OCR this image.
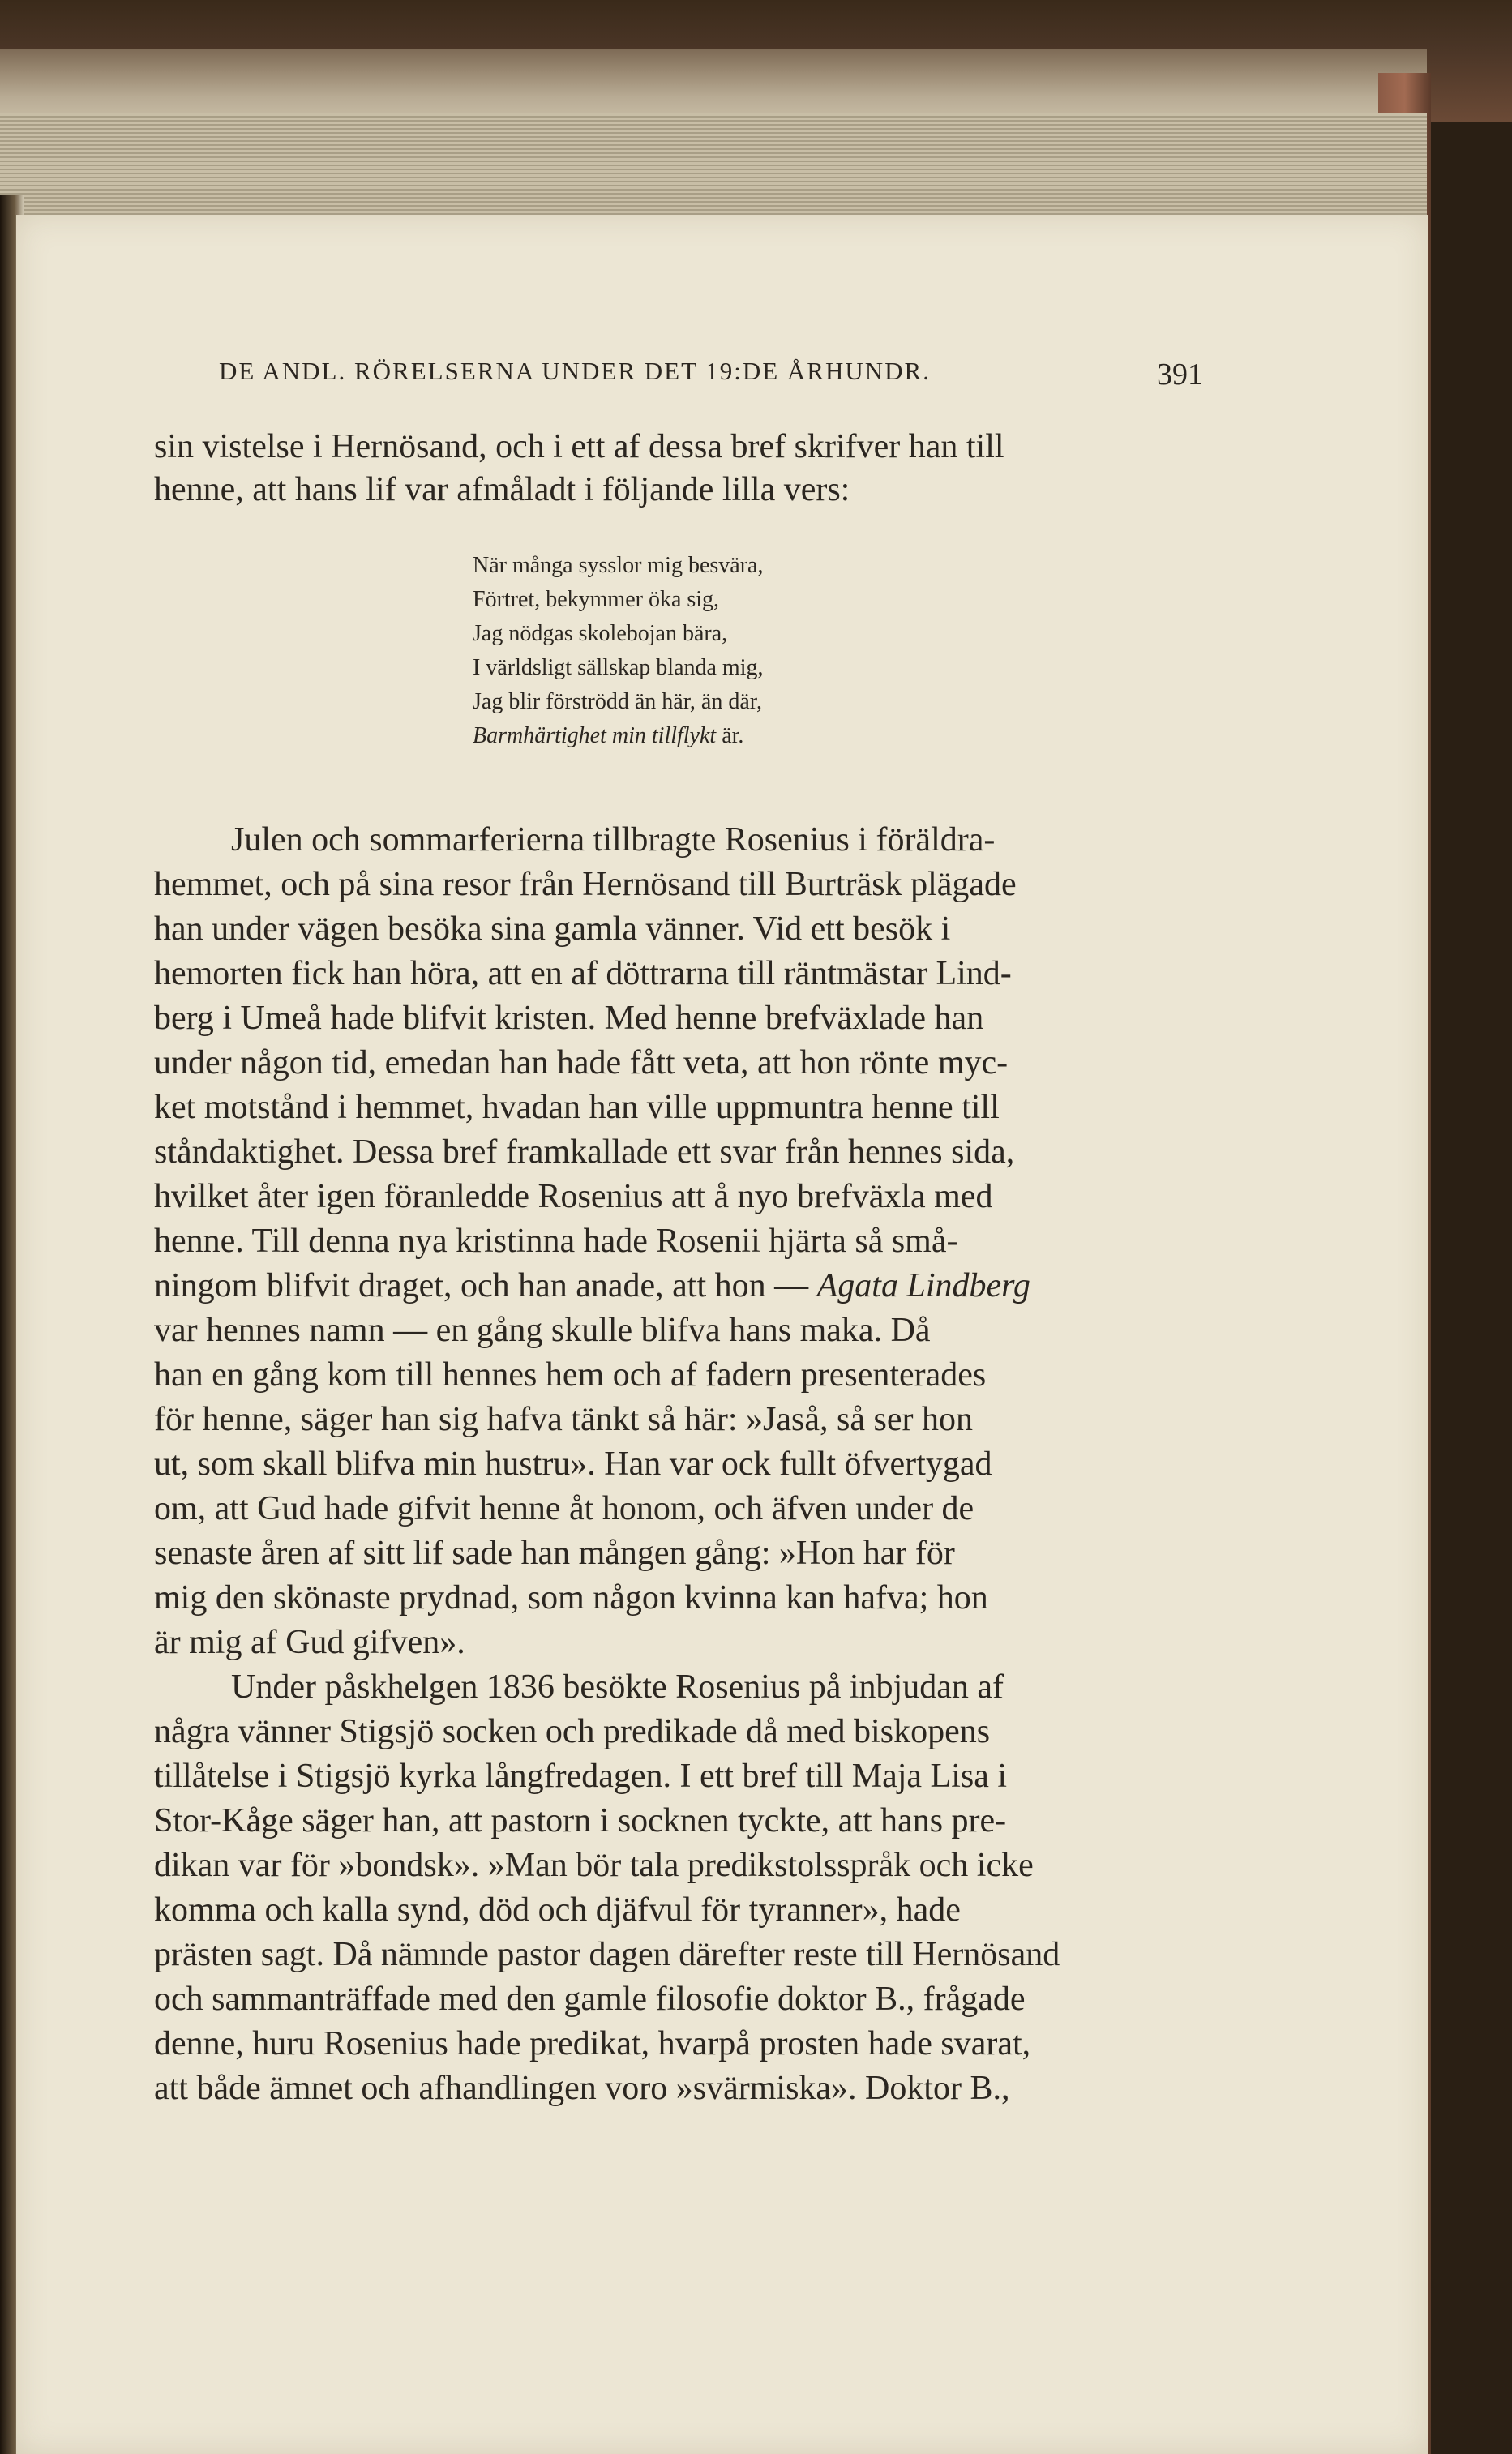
DE ANDL. RÖRELSERNA UNDER DET 19:DE ÅRHUNDR.	391
sin vistelse i Hernösand, och i ett af dessa bref skrifver han till
henne, att hans lif var afmåladt i följande lilla vers:
När många sysslor mig besvära,
Förtret, bekymmer öka sig,
Jag nödgas skolebojan bära,
I världsligt sällskap blanda mig,
Jag blir förströdd än här, än där,
Barmhärtighet min tillflykt är.
Julen och sommarferierna tillbragte Rosenius i föräldra-
hemmet, och på sina resor från Hernösand till Burträsk plägade
han under vägen besöka sina gamla vänner. Vid ett besök i
hemorten fick han höra, att en af döttrarna till räntmästar Lind-
berg i Umeå hade blifvit kristen. Med henne brefväxlade han
under någon tid, emedan han hade fått veta, att hon rönte myc-
ket motstånd i hemmet, hvadan han ville uppmuntra henne till
ståndaktighet. Dessa bref framkallade ett svar från hennes sida,
hvilket åter igen föranledde Rosenius att å nyo brefväxla med
henne. Till denna nya kristinna hade Rosenii hjärta så små-
ningom blifvit draget, och han anade, att hon — Agata Lindberg
var hennes namn — en gång skulle blifva hans maka. Då
han en gång kom till hennes hem och af fadern presenterades
för henne, säger han sig hafva tänkt så här: »Jaså, så ser hon
ut, som skall blifva min hustru». Han var ock fullt öfvertygad
om, att Gud hade gifvit henne åt honom, och äfven under de
senaste åren af sitt lif sade han mången gång: »Hon har för
mig den skönaste prydnad, som någon kvinna kan hafva; hon
är mig af Gud gifven».
Under påskhelgen 1836 besökte Rosenius på inbjudan af
några vänner Stigsjö socken och predikade då med biskopens
tillåtelse i Stigsjö kyrka långfredagen. I ett bref till Maja Lisa i
Stor-Kåge säger han, att pastorn i socknen tyckte, att hans pre-
dikan var för »bondsk». »Man bör tala predikstolsspråk och icke
komma och kalla synd, död och djäfvul för tyranner», hade
prästen sagt. Då nämnde pastor dagen därefter reste till Hernösand
och sammanträffade med den gamle filosofie doktor B., frågade
denne, huru Rosenius hade predikat, hvarpå prosten hade svarat,
att både ämnet och afhandlingen voro »svärmiska». Doktor B.,
